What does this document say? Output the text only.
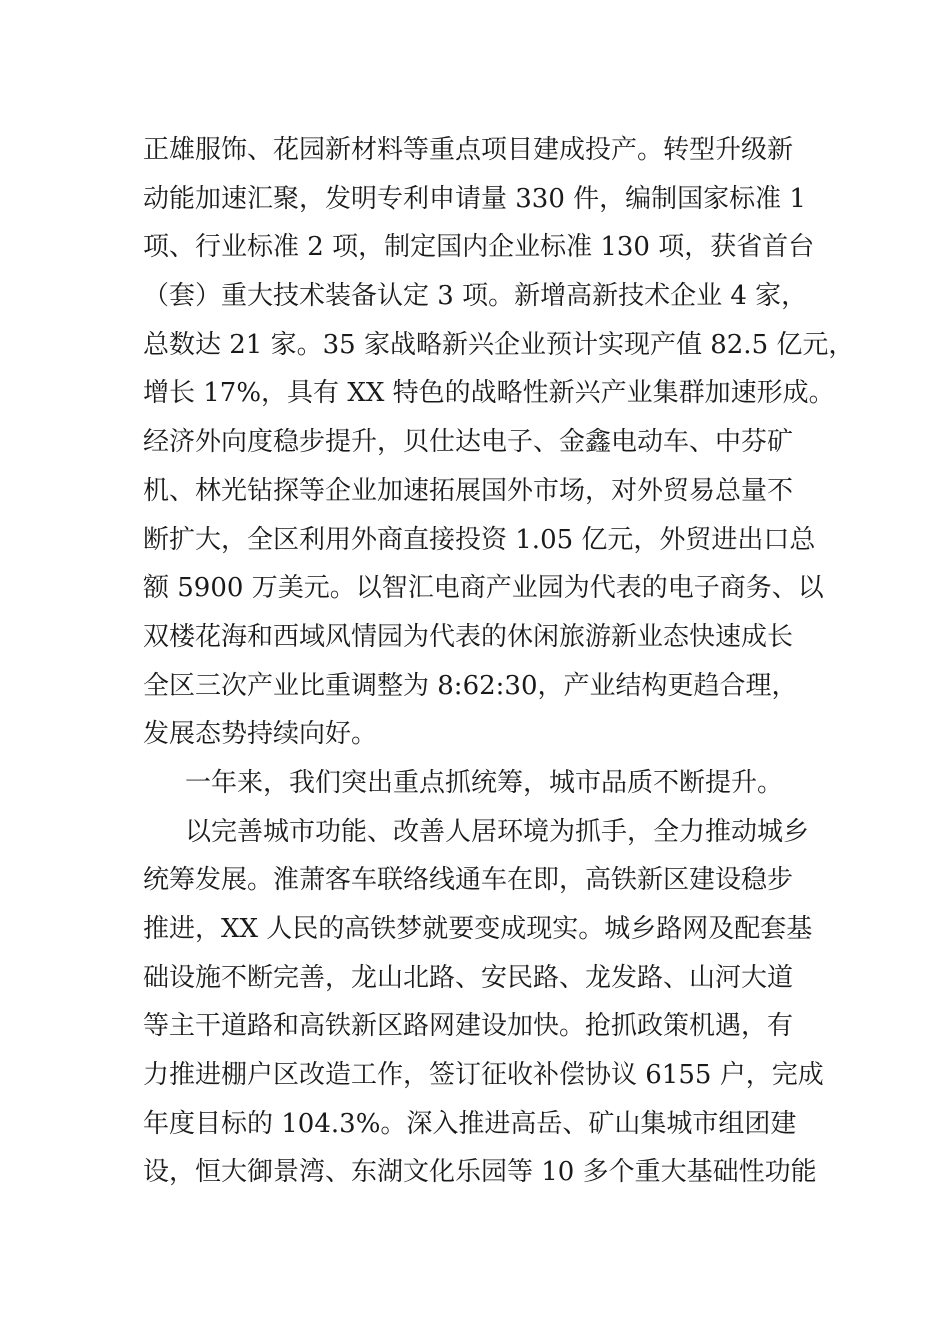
正雄服饰、花园新材料等重点项目建成投产。转型升级新
动能加速汇聚，发明专利申请量 330 件，编制国家标准 1
项、行业标准 2 项，制定国内企业标准 130 项，获省首台
（套）重大技术装备认定 3 项。新增高新技术企业 4 家，
总数达 21 家。35 家战略新兴企业预计实现产值 82.5 亿元，
增长 17%，具有 XX 特色的战略性新兴产业集群加速形成。
经济外向度稳步提升，贝仕达电子、金鑫电动车、中芬矿
机、林光钻探等企业加速拓展国外市场，对外贸易总量不
断扩大，全区利用外商直接投资 1.05 亿元，外贸进出口总
额 5900 万美元。以智汇电商产业园为代表的电子商务、以
双楼花海和西域风情园为代表的休闲旅游新业态快速成长
全区三次产业比重调整为 8:62:30，产业结构更趋合理，
发展态势持续向好。
一年来，我们突出重点抓统筹，城市品质不断提升。
以完善城市功能、改善人居环境为抓手，全力推动城乡
统筹发展。淮萧客车联络线通车在即，高铁新区建设稳步
推进，XX 人民的高铁梦就要变成现实。城乡路网及配套基
础设施不断完善，龙山北路、安民路、龙发路、山河大道
等主干道路和高铁新区路网建设加快。抢抓政策机遇，有
力推进棚户区改造工作，签订征收补偿协议 6155 户，完成
年度目标的 104.3%。深入推进高岳、矿山集城市组团建
设，恒大御景湾、东湖文化乐园等 10 多个重大基础性功能
